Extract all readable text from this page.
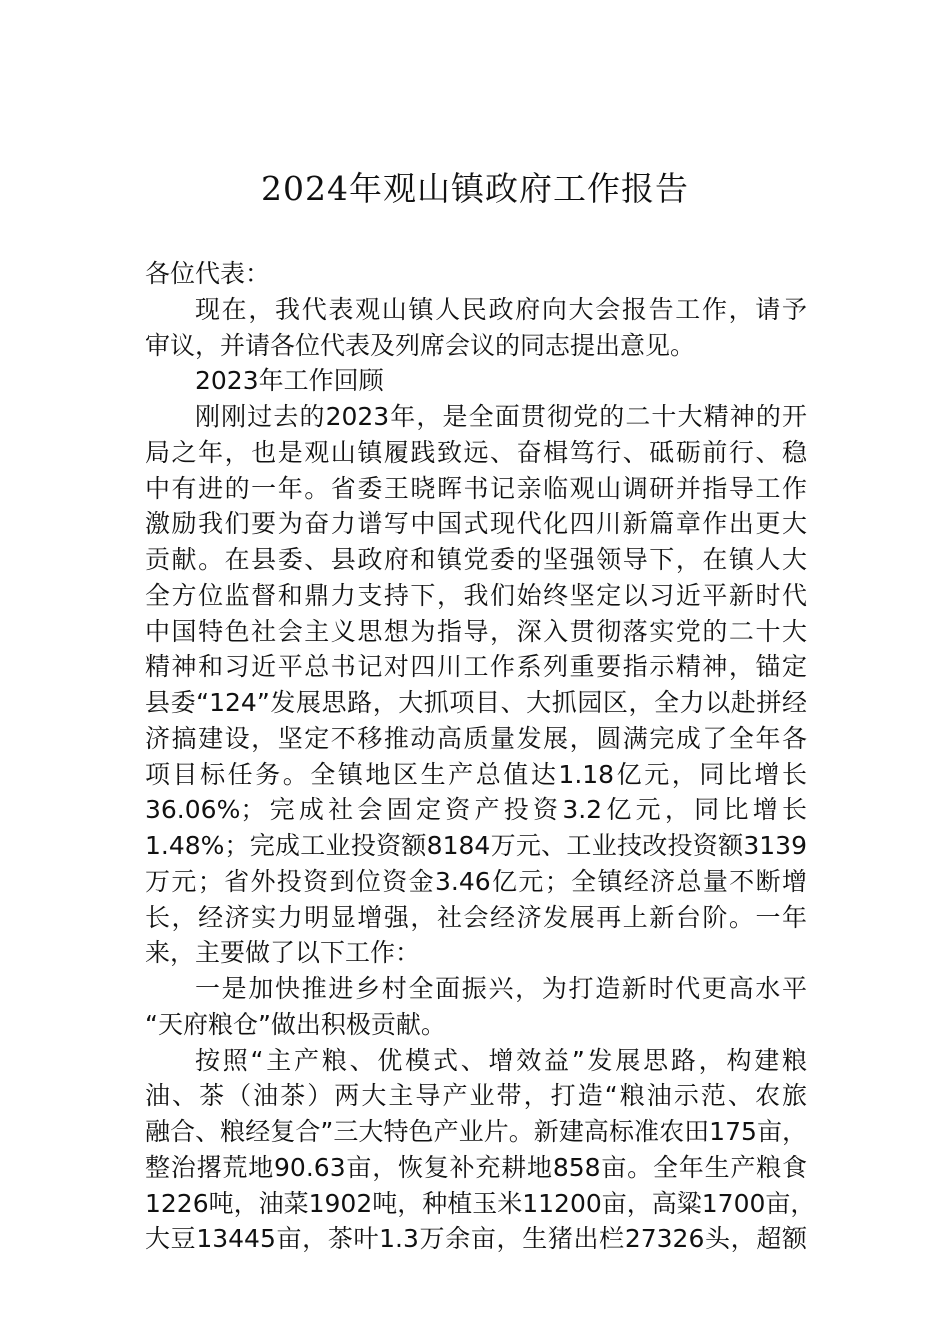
2024年观山镇政府工作报告
各位代表：
现在，我代表观山镇人民政府向大会报告工作，请予
审议，并请各位代表及列席会议的同志提出意见。
2023年工作回顾
刚刚过去的2023年，是全面贯彻党的二十大精神的开
局之年，也是观山镇履践致远、奋楫笃行、砥砺前行、稳
中有进的一年。省委王晓晖书记亲临观山调研并指导工作
激励我们要为奋力谱写中国式现代化四川新篇章作出更大
贡献。在县委、县政府和镇党委的坚强领导下，在镇人大
全方位监督和鼎力支持下，我们始终坚定以习近平新时代
中国特色社会主义思想为指导，深入贯彻落实党的二十大
精神和习近平总书记对四川工作系列重要指示精神，锚定
县委“124”发展思路，大抓项目、大抓园区，全力以赴拼经
济搞建设，坚定不移推动高质量发展，圆满完成了全年各
项目标任务。全镇地区生产总值达1.18亿元，同比增长
36.06%；完成社会固定资产投资3.2亿元，同比增长
1.48%；完成工业投资额8184万元、工业技改投资额3139
万元；省外投资到位资金3.46亿元；全镇经济总量不断增
长，经济实力明显增强，社会经济发展再上新台阶。一年
来，主要做了以下工作：
一是加快推进乡村全面振兴，为打造新时代更高水平
“天府粮仓”做出积极贡献。
按照“主产粮、优模式、增效益”发展思路，构建粮
油、茶（油茶）两大主导产业带，打造“粮油示范、农旅
融合、粮经复合”三大特色产业片。新建高标准农田175亩，
整治撂荒地90.63亩，恢复补充耕地858亩。全年生产粮食
1226吨，油菜1902吨，种植玉米11200亩，高粱1700亩，
大豆13445亩，茶叶1.3万余亩，生猪出栏27326头，超额
